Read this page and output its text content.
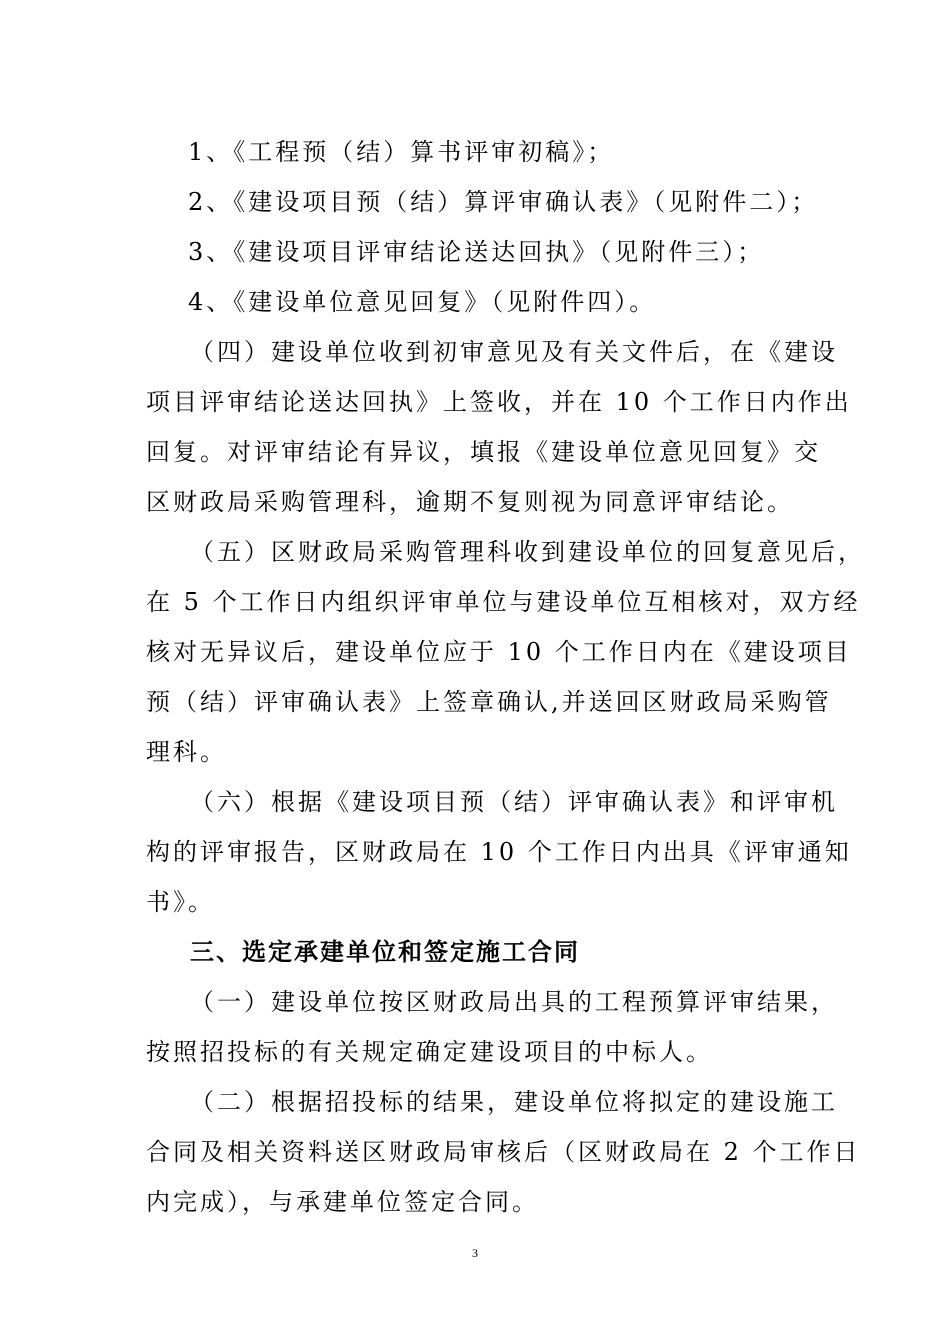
1、《工程预（结）算书评审初稿》；
2、《建设项目预（结）算评审确认表》（见附件二）；
3、《建设项目评审结论送达回执》（见附件三）；
4、《建设单位意见回复》（见附件四）。
（四）建设单位收到初审意见及有关文件后，在《建设
项目评审结论送达回执》上签收，并在 10 个工作日内作出
回复。对评审结论有异议，填报《建设单位意见回复》交
区财政局采购管理科，逾期不复则视为同意评审结论。
（五）区财政局采购管理科收到建设单位的回复意见后，
在 5 个工作日内组织评审单位与建设单位互相核对，双方经
核对无异议后，建设单位应于 10 个工作日内在《建设项目
预（结）评审确认表》上签章确认,并送回区财政局采购管
理科。
（六）根据《建设项目预（结）评审确认表》和评审机
构的评审报告，区财政局在 10 个工作日内出具《评审通知
书》。
三、选定承建单位和签定施工合同
（一）建设单位按区财政局出具的工程预算评审结果，
按照招投标的有关规定确定建设项目的中标人。
（二）根据招投标的结果，建设单位将拟定的建设施工
合同及相关资料送区财政局审核后（区财政局在 2 个工作日
内完成），与承建单位签定合同。
3
